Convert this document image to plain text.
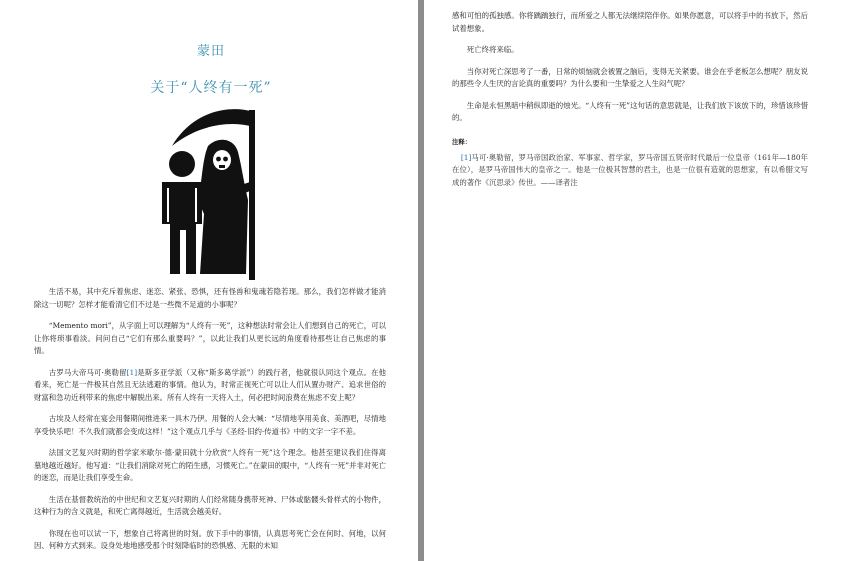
蒙田
关于“人终有一死”

生活不易，其中充斥着焦虑、迷恋、紧张、恐惧，还有怪兽和鬼魂若隐若现。那么，我们怎样做才能消除这一切呢？怎样才能看清它们不过是一些微不足道的小事呢？

“Memento mori”，从字面上可以理解为“人终有一死”，这种想法时常会让人们想到自己的死亡，可以让你将琐事看淡。问问自己“它们有那么重要吗？”，以此让我们从更长远的角度看待那些让自己焦虑的事情。

古罗马大帝马可·奥勒留[1]是斯多亚学派（又称“斯多葛学派”）的践行者，他就很认同这个观点。在他看来，死亡是一件极其自然且无法逃避的事情。他认为，时常正视死亡可以让人们从置办财产、追求世俗的财富和急功近利带来的焦虑中解脱出来。所有人终有一天将入土，何必把时间浪费在焦虑不安上呢？

古埃及人经常在宴会用餐期间推进来一具木乃伊。用餐的人会大喊：“尽情地享用美食、美酒吧，尽情地享受快乐吧！不久我们就都会变成这样！”这个观点几乎与《圣经·旧约·传道书》中的文字一字不差。

法国文艺复兴时期的哲学家米歇尔·德·蒙田就十分欣赏“人终有一死”这个理念。他甚至建议我们住得离墓地越近越好。他写道：“让我们消除对死亡的陌生感，习惯死亡。”在蒙田的眼中，“人终有一死”并非对死亡的迷恋，而是让我们享受生命。

生活在基督教统治的中世纪和文艺复兴时期的人们经常随身携带死神、尸体或骷髅头骨样式的小物件，这种行为的含义就是，和死亡离得越近，生活就会越美好。

你现在也可以试一下，想象自己将离世的时刻。放下手中的事情，认真思考死亡会在何时、何地，以何因、何种方式到来。设身处地地感受那个时刻降临时的恐惧感、无限的未知

感和可怕的孤独感。你将踽踽独行，而所爱之人都无法继续陪伴你。如果你愿意，可以将手中的书放下，然后试着想象。

死亡终将来临。

当你对死亡深思考了一番，日常的烦恼就会被置之脑后，变得无关紧要。谁会在乎老板怎么想呢？朋友说的那些令人生厌的言论真的重要吗？为什么要和一生挚爱之人生闷气呢？

生命是永恒黑暗中稍纵即逝的烛光。“人终有一死”这句话的意思就是，让我们放下该放下的，珍惜该珍惜的。

注释：

[1]马可·奥勒留，罗马帝国政治家、军事家、哲学家，罗马帝国五贤帝时代最后一位皇帝（161年—180年在位），是罗马帝国伟大的皇帝之一。他是一位极其智慧的君主，也是一位很有造就的思想家，有以希腊文写成的著作《沉思录》传世。——译者注
